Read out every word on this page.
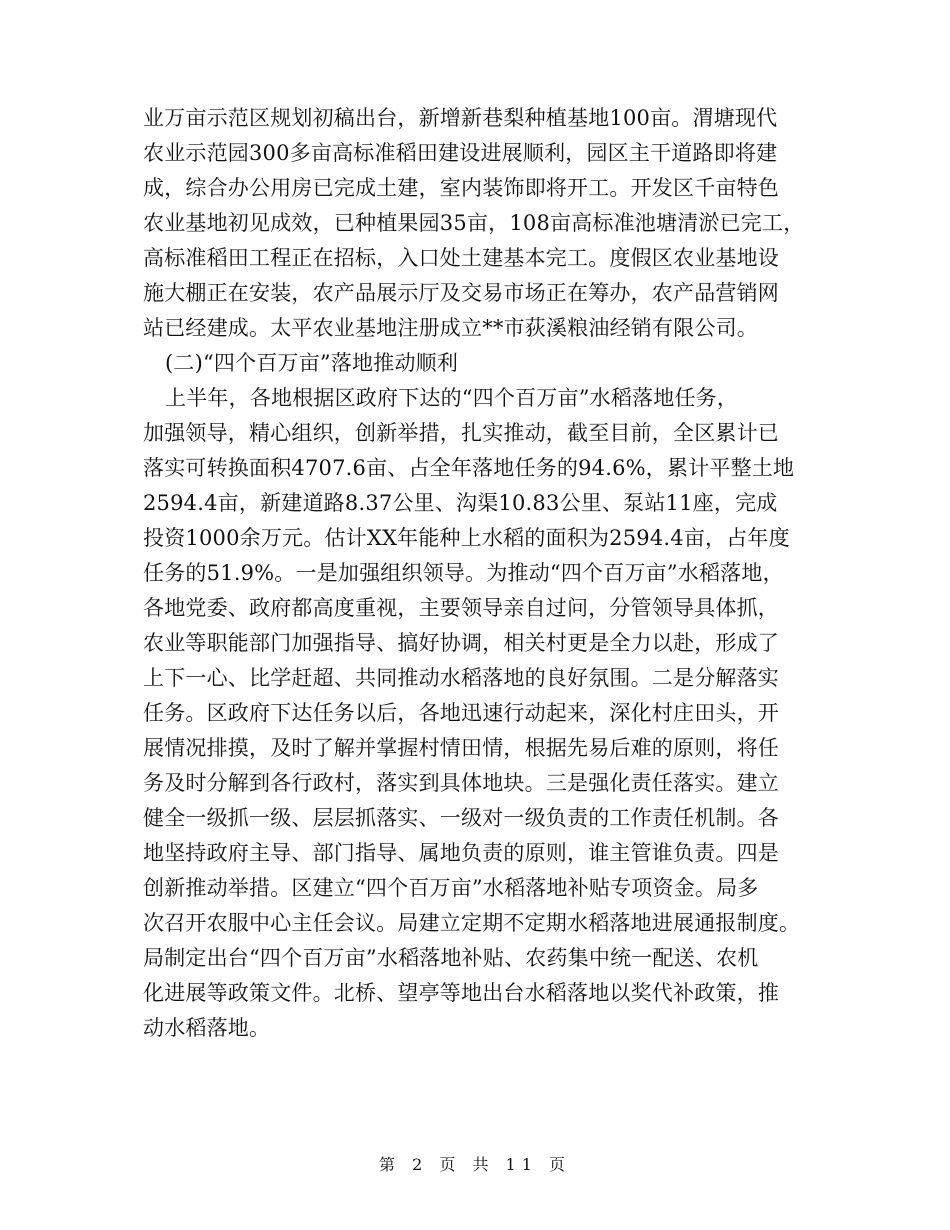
业万亩示范区规划初稿出台，新增新巷梨种植基地100亩。渭塘现代
农业示范园300多亩高标准稻田建设进展顺利，园区主干道路即将建
成，综合办公用房已完成土建，室内装饰即将开工。开发区千亩特色
农业基地初见成效，已种植果园35亩，108亩高标准池塘清淤已完工，
高标准稻田工程正在招标，入口处土建基本完工。度假区农业基地设
施大棚正在安装，农产品展示厅及交易市场正在筹办，农产品营销网
站已经建成。太平农业基地注册成立**市荻溪粮油经销有限公司。
(二)“四个百万亩”落地推动顺利
上半年，各地根据区政府下达的“四个百万亩”水稻落地任务，
加强领导，精心组织，创新举措，扎实推动，截至目前，全区累计已
落实可转换面积4707.6亩、占全年落地任务的94.6%，累计平整土地
2594.4亩，新建道路8.37公里、沟渠10.83公里、泵站11座，完成
投资1000余万元。估计XX年能种上水稻的面积为2594.4亩，占年度
任务的51.9%。一是加强组织领导。为推动“四个百万亩”水稻落地，
各地党委、政府都高度重视，主要领导亲自过问，分管领导具体抓，
农业等职能部门加强指导、搞好协调，相关村更是全力以赴，形成了
上下一心、比学赶超、共同推动水稻落地的良好氛围。二是分解落实
任务。区政府下达任务以后，各地迅速行动起来，深化村庄田头，开
展情况排摸，及时了解并掌握村情田情，根据先易后难的原则，将任
务及时分解到各行政村，落实到具体地块。三是强化责任落实。建立
健全一级抓一级、层层抓落实、一级对一级负责的工作责任机制。各
地坚持政府主导、部门指导、属地负责的原则，谁主管谁负责。四是
创新推动举措。区建立“四个百万亩”水稻落地补贴专项资金。局多
次召开农服中心主任会议。局建立定期不定期水稻落地进展通报制度。
局制定出台“四个百万亩”水稻落地补贴、农药集中统一配送、农机
化进展等政策文件。北桥、望亭等地出台水稻落地以奖代补政策，推
动水稻落地。
第 2 页 共 11 页
